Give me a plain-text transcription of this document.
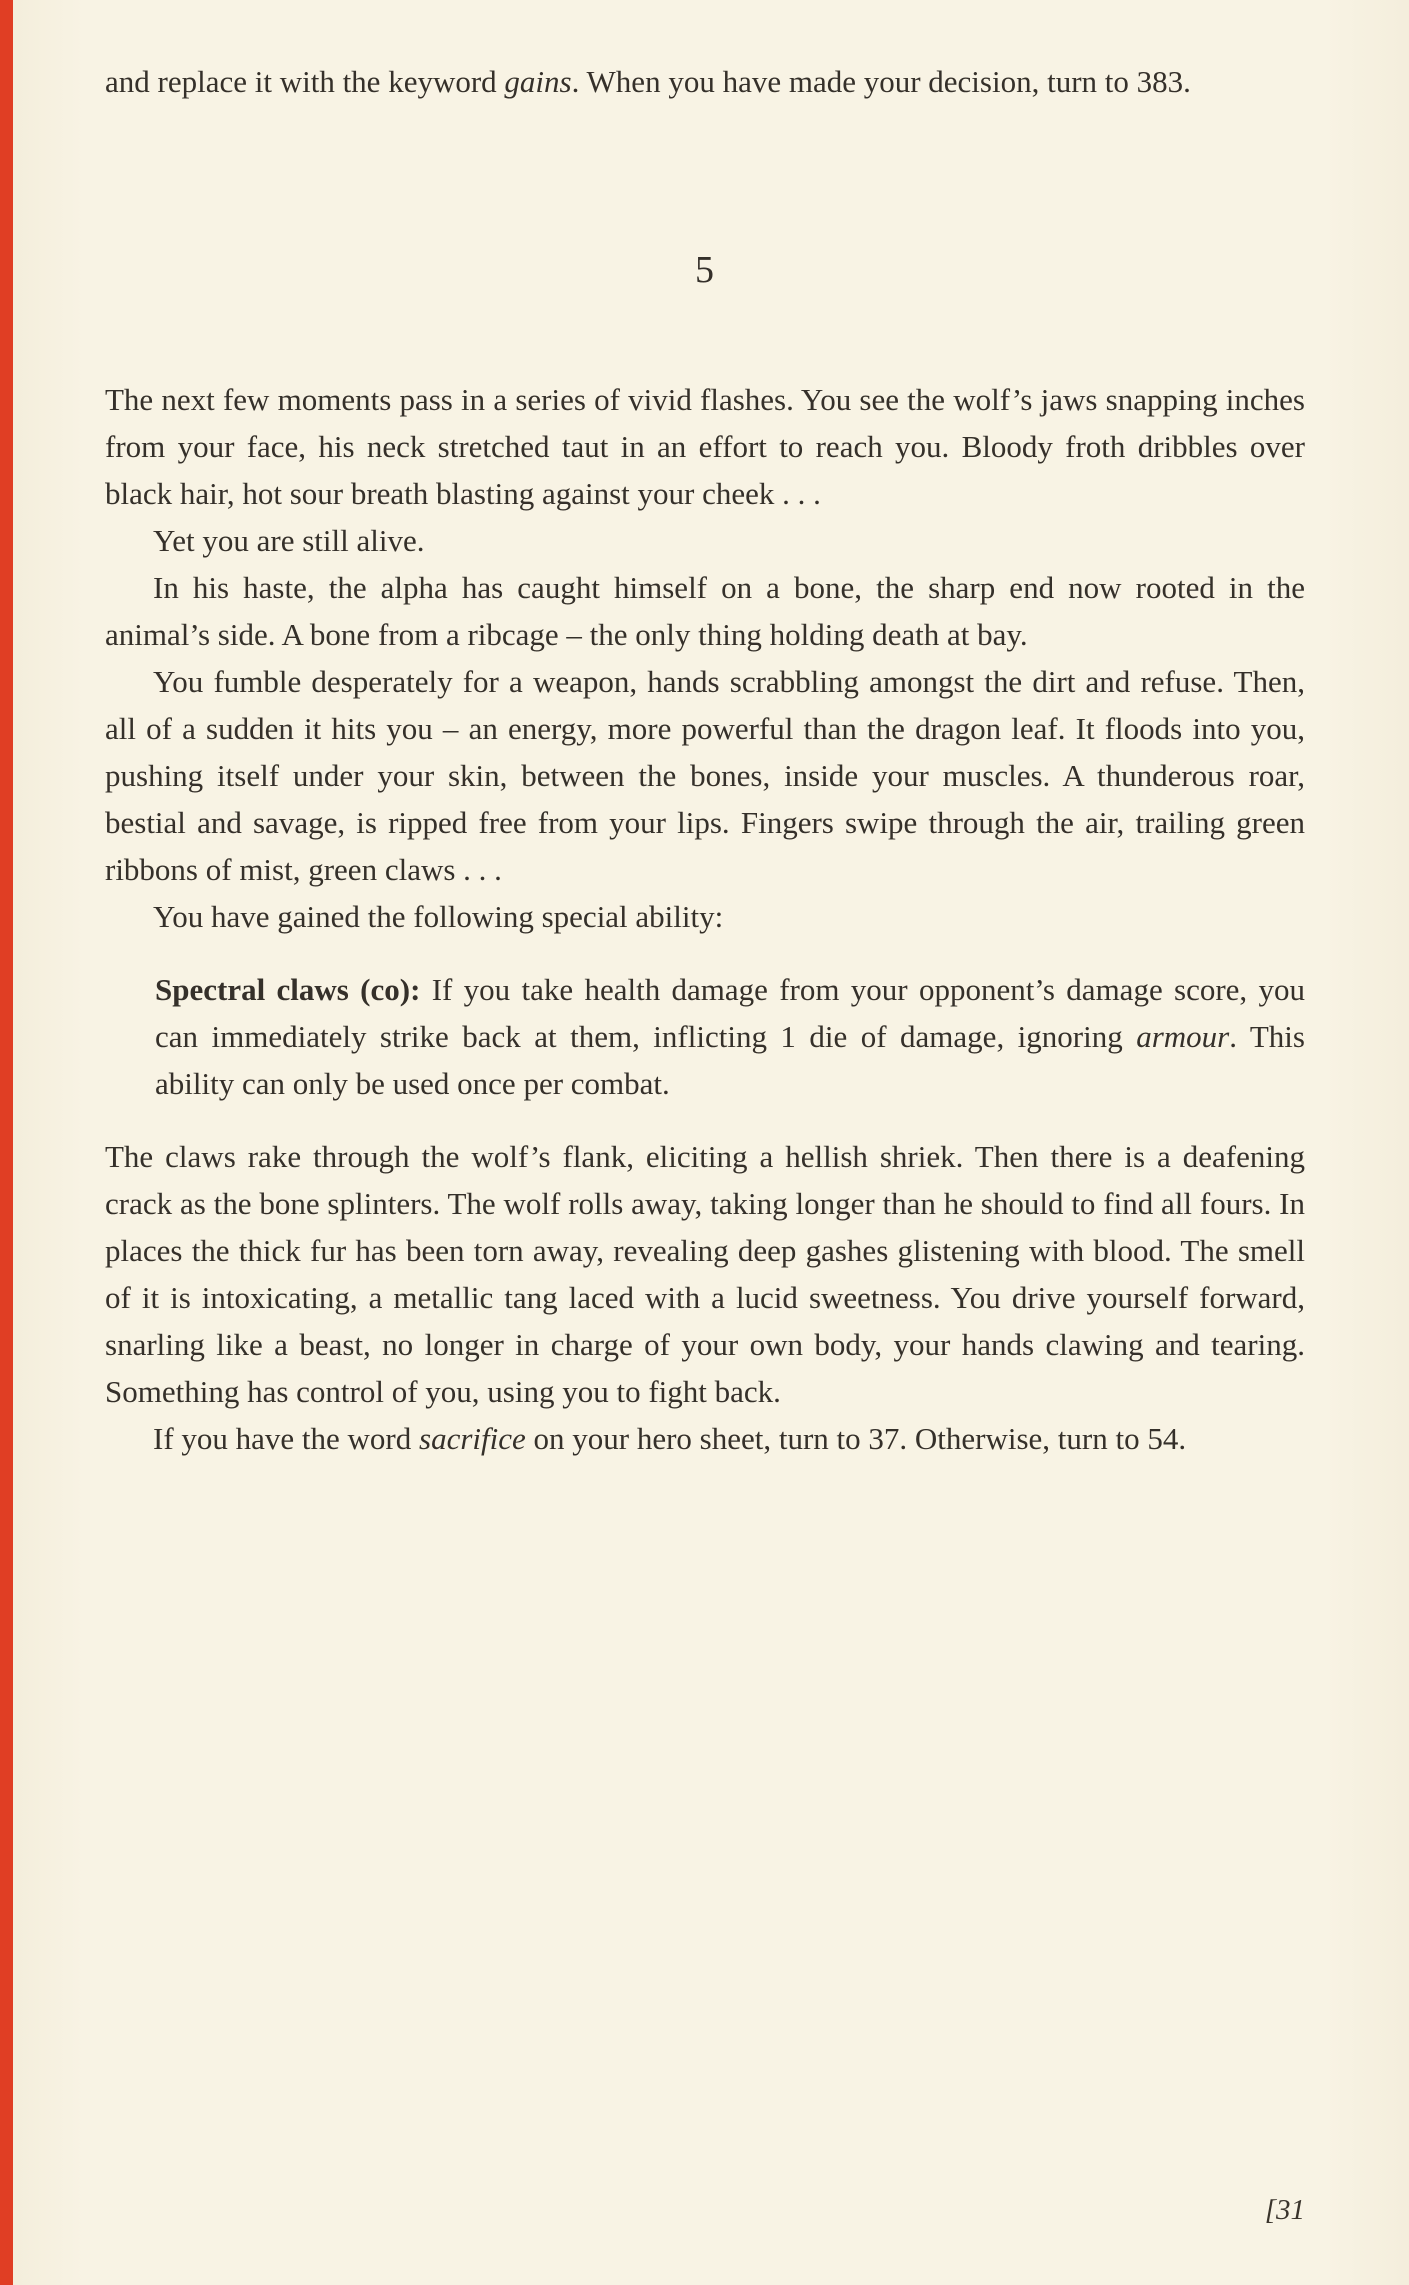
and replace it with the keyword gains. When you have made your decision, turn to 383.

5

The next few moments pass in a series of vivid flashes. You see the wolf’s jaws snapping inches from your face, his neck stretched taut in an effort to reach you. Bloody froth dribbles over black hair, hot sour breath blasting against your cheek . . .

Yet you are still alive.

In his haste, the alpha has caught himself on a bone, the sharp end now rooted in the animal’s side. A bone from a ribcage – the only thing holding death at bay.

You fumble desperately for a weapon, hands scrabbling amongst the dirt and refuse. Then, all of a sudden it hits you – an energy, more powerful than the dragon leaf. It floods into you, pushing itself under your skin, between the bones, inside your muscles. A thunderous roar, bestial and savage, is ripped free from your lips. Fingers swipe through the air, trailing green ribbons of mist, green claws . . .

You have gained the following special ability:

Spectral claws (co): If you take health damage from your opponent’s damage score, you can immediately strike back at them, inflicting 1 die of damage, ignoring armour. This ability can only be used once per combat.

The claws rake through the wolf’s flank, eliciting a hellish shriek. Then there is a deafening crack as the bone splinters. The wolf rolls away, taking longer than he should to find all fours. In places the thick fur has been torn away, revealing deep gashes glistening with blood. The smell of it is intoxicating, a metallic tang laced with a lucid sweetness. You drive yourself forward, snarling like a beast, no longer in charge of your own body, your hands clawing and tearing. Something has control of you, using you to fight back.

If you have the word sacrifice on your hero sheet, turn to 37. Otherwise, turn to 54.

[31
